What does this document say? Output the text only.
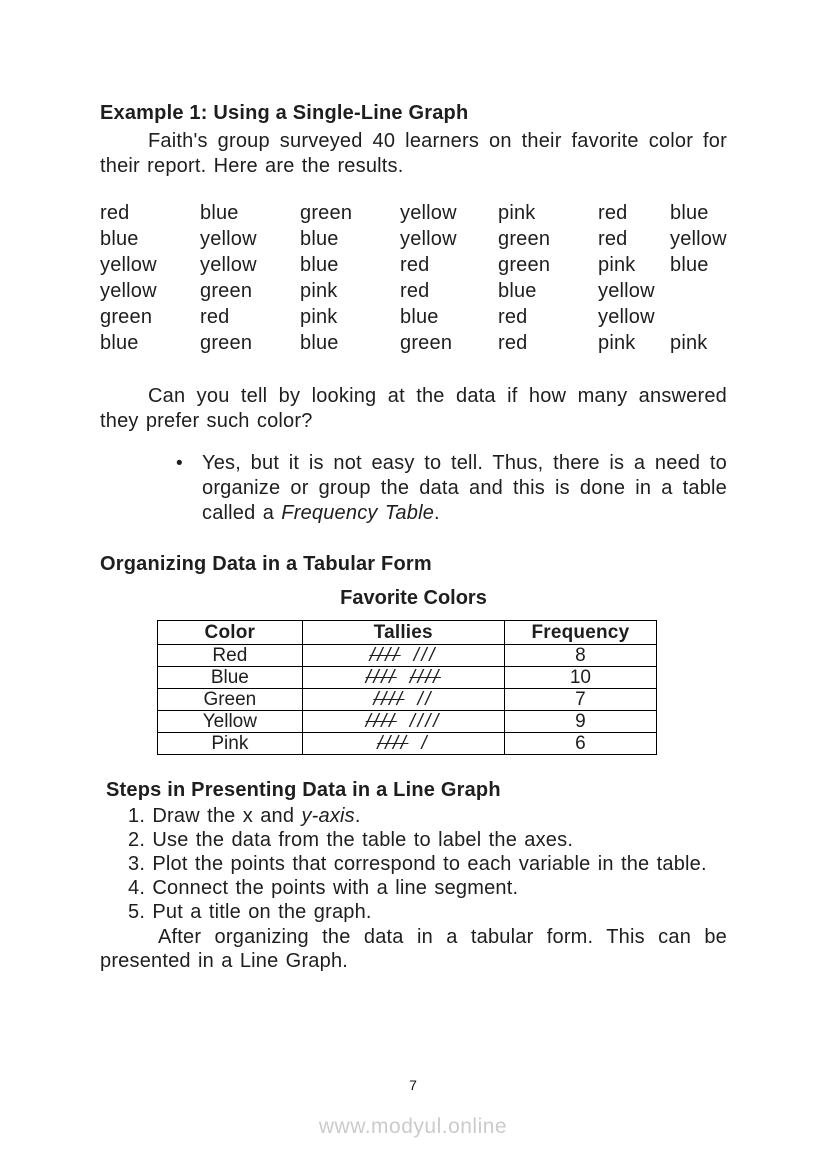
Example 1: Using a Single-Line Graph

Faith's group surveyed 40 learners on their favorite color for their report. Here are the results.

red	blue	green	yellow	pink	red	blue
blue	yellow	blue	yellow	green	red	yellow
yellow	yellow	blue	red	green	pink	blue
yellow	green	pink	red	blue	yellow
green	red	pink	blue	red	yellow
blue	green	blue	green	red	pink	pink

Can you tell by looking at the data if how many answered they prefer such color?

• Yes, but it is not easy to tell. Thus, there is a need to organize or group the data and this is done in a table called a Frequency Table.

Organizing Data in a Tabular Form
Favorite Colors
Color	Tallies	Frequency
Red	//// ///	8
Blue	//// ////	10
Green	//// //	7
Yellow	//// ////	9
Pink	//// /	6
Steps in Presenting Data in a Line Graph
1. Draw the x and y-axis.
2. Use the data from the table to label the axes.
3. Plot the points that correspond to each variable in the table.
4. Connect the points with a line segment.
5. Put a title on the graph.

After organizing the data in a tabular form. This can be presented in a Line Graph.

7
www.modyul.online
